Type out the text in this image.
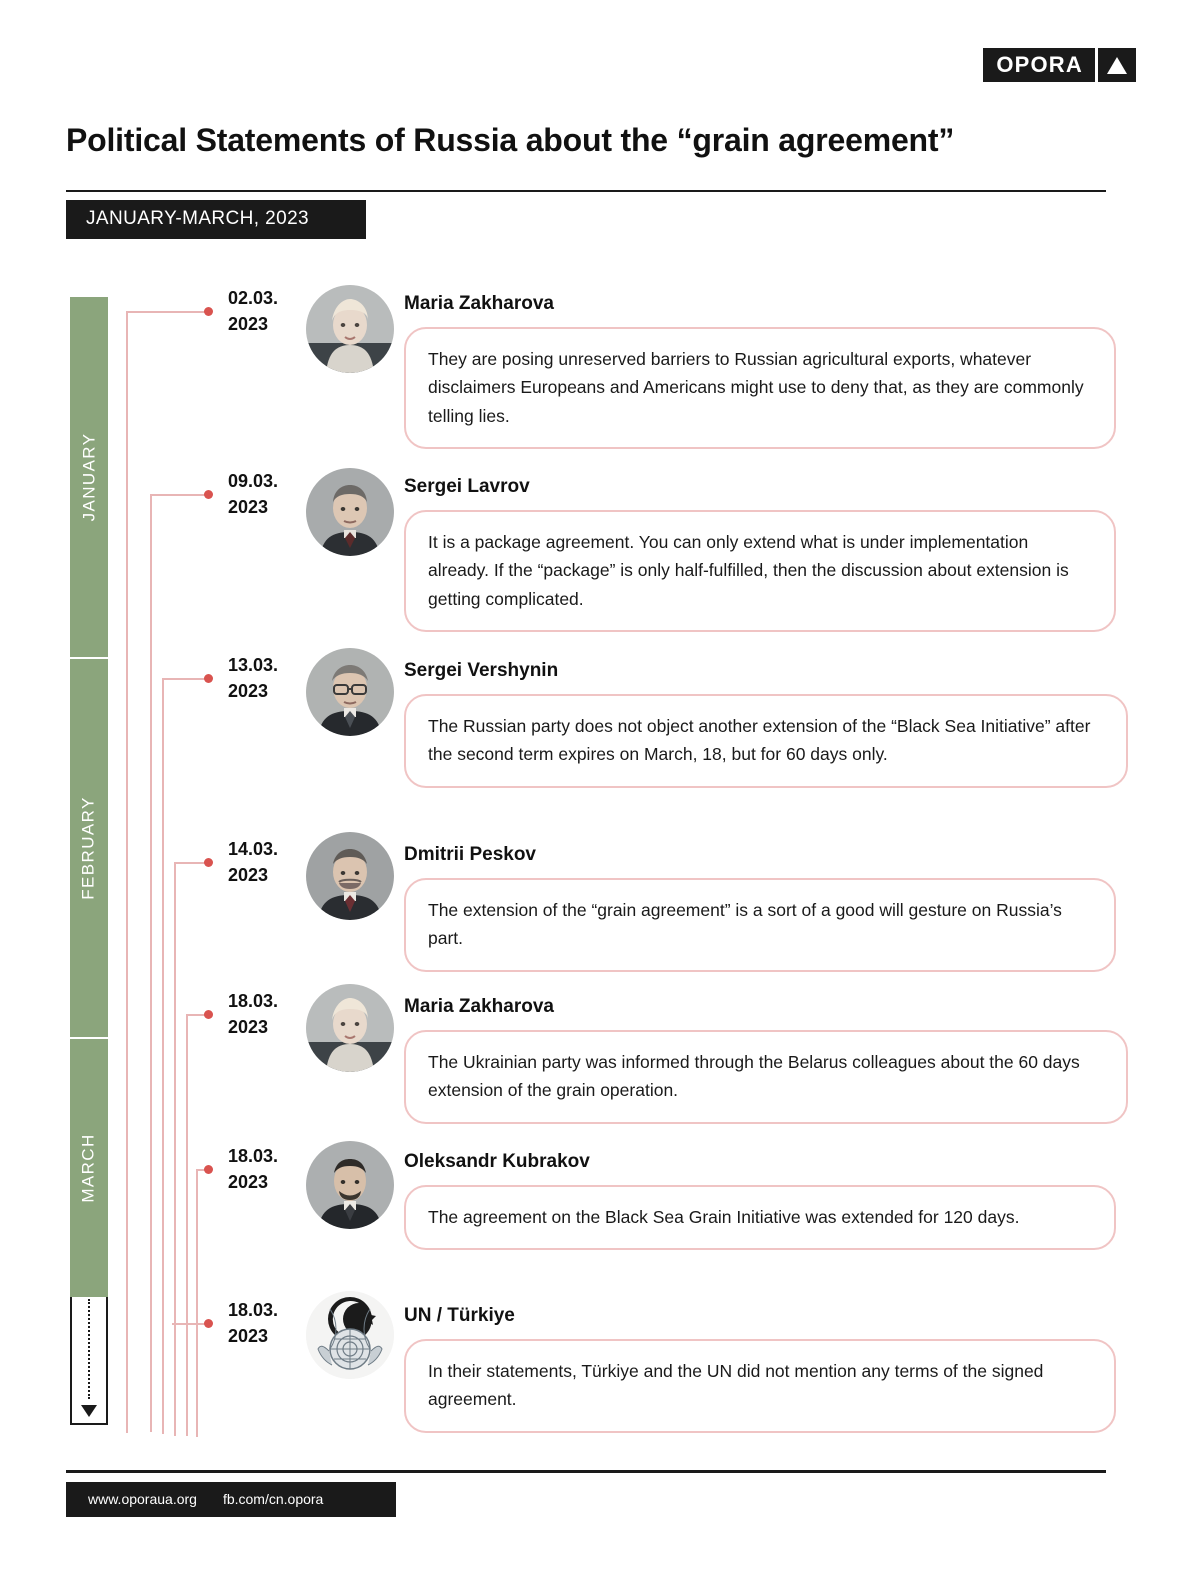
OPORA
Political Statements of Russia about the “grain agreement”
JANUARY-MARCH, 2023
JANUARY
FEBRUARY
MARCH
02.03.
2023
Maria Zakharova
They are posing unreserved barriers to Russian agricultural exports, whatever disclaimers Europeans and Americans might use to deny that, as they are commonly telling lies.
09.03.
2023
Sergei Lavrov
It is a package agreement. You can only extend what is under implementation already. If the “package” is only half-fulfilled, then the discussion about extension is getting complicated.
13.03.
2023
Sergei Vershynin
The Russian party does not object another extension of the “Black Sea Initiative” after the second term expires on March, 18, but for 60 days only.
14.03.
2023
Dmitrii Peskov
The extension of the “grain agreement” is a sort of a good will gesture on Russia’s part.
18.03.
2023
Maria Zakharova
The Ukrainian party was informed through the Belarus colleagues about the 60 days extension of the grain operation.
18.03.
2023
Oleksandr Kubrakov
The agreement on the Black Sea Grain Initiative was extended for 120 days.
18.03.
2023
UN / Türkiye
In their statements, Türkiye and the UN did not mention any terms of the signed agreement.
www.oporaua.org fb.com/cn.opora
